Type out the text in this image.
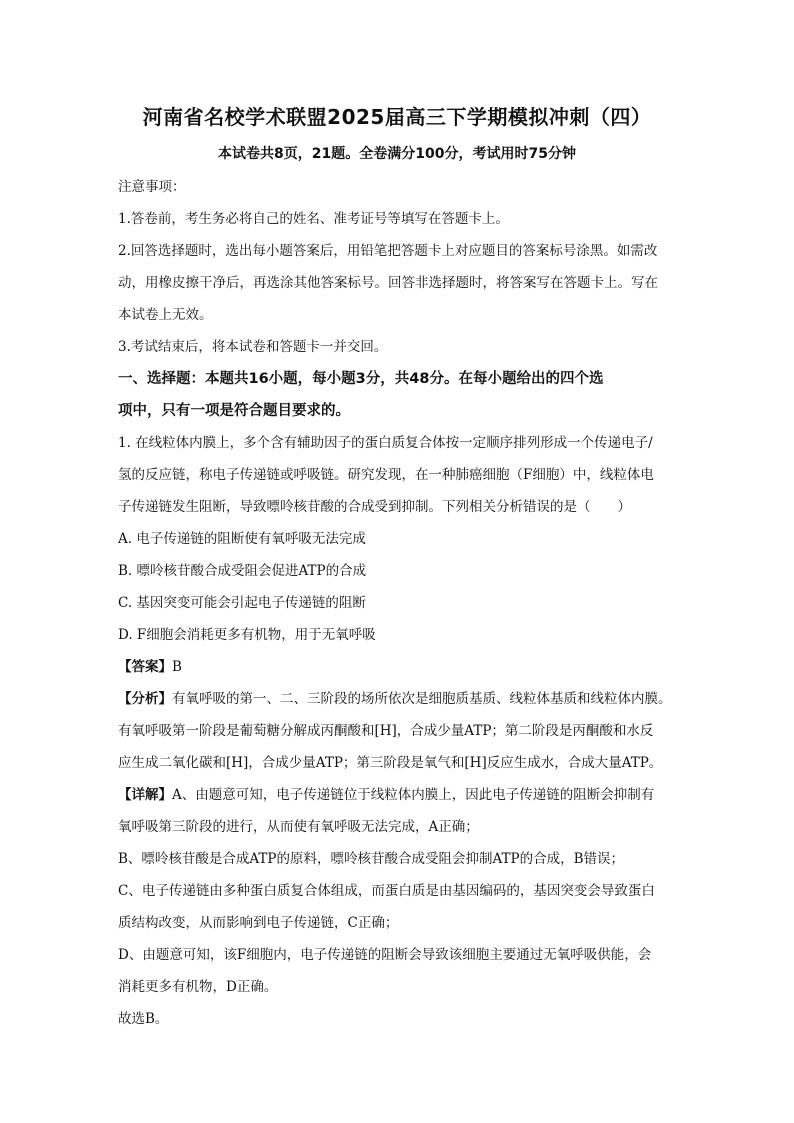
河南省名校学术联盟2025届高三下学期模拟冲刺（四）
本试卷共8页，21题。全卷满分100分，考试用时75分钟
注意事项：
1.答卷前，考生务必将自己的姓名、准考证号等填写在答题卡上。
2.回答选择题时，选出每小题答案后，用铅笔把答题卡上对应题目的答案标号涂黑。如需改
动，用橡皮擦干净后，再选涂其他答案标号。回答非选择题时，将答案写在答题卡上。写在
本试卷上无效。
3.考试结束后，将本试卷和答题卡一并交回。
一、选择题：本题共16小题，每小题3分，共48分。在每小题给出的四个选
项中，只有一项是符合题目要求的。
1. 在线粒体内膜上，多个含有辅助因子的蛋白质复合体按一定顺序排列形成一个传递电子/
氢的反应链，称电子传递链或呼吸链。研究发现，在一种肺癌细胞（F细胞）中，线粒体电
子传递链发生阻断，导致嘌呤核苷酸的合成受到抑制。下列相关分析错误的是（　　）
A. 电子传递链的阻断使有氧呼吸无法完成
B. 嘌呤核苷酸合成受阻会促进ATP的合成
C. 基因突变可能会引起电子传递链的阻断
D. F细胞会消耗更多有机物，用于无氧呼吸
【答案】B
【分析】有氧呼吸的第一、二、三阶段的场所依次是细胞质基质、线粒体基质和线粒体内膜。
有氧呼吸第一阶段是葡萄糖分解成丙酮酸和[H]，合成少量ATP；第二阶段是丙酮酸和水反
应生成二氧化碳和[H]，合成少量ATP；第三阶段是氧气和[H]反应生成水，合成大量ATP。
【详解】A、由题意可知，电子传递链位于线粒体内膜上，因此电子传递链的阻断会抑制有
氧呼吸第三阶段的进行，从而使有氧呼吸无法完成，A正确；
B、嘌呤核苷酸是合成ATP的原料，嘌呤核苷酸合成受阻会抑制ATP的合成，B错误；
C、电子传递链由多种蛋白质复合体组成，而蛋白质是由基因编码的，基因突变会导致蛋白
质结构改变，从而影响到电子传递链，C正确；
D、由题意可知，该F细胞内，电子传递链的阻断会导致该细胞主要通过无氧呼吸供能，会
消耗更多有机物，D正确。
故选B。
